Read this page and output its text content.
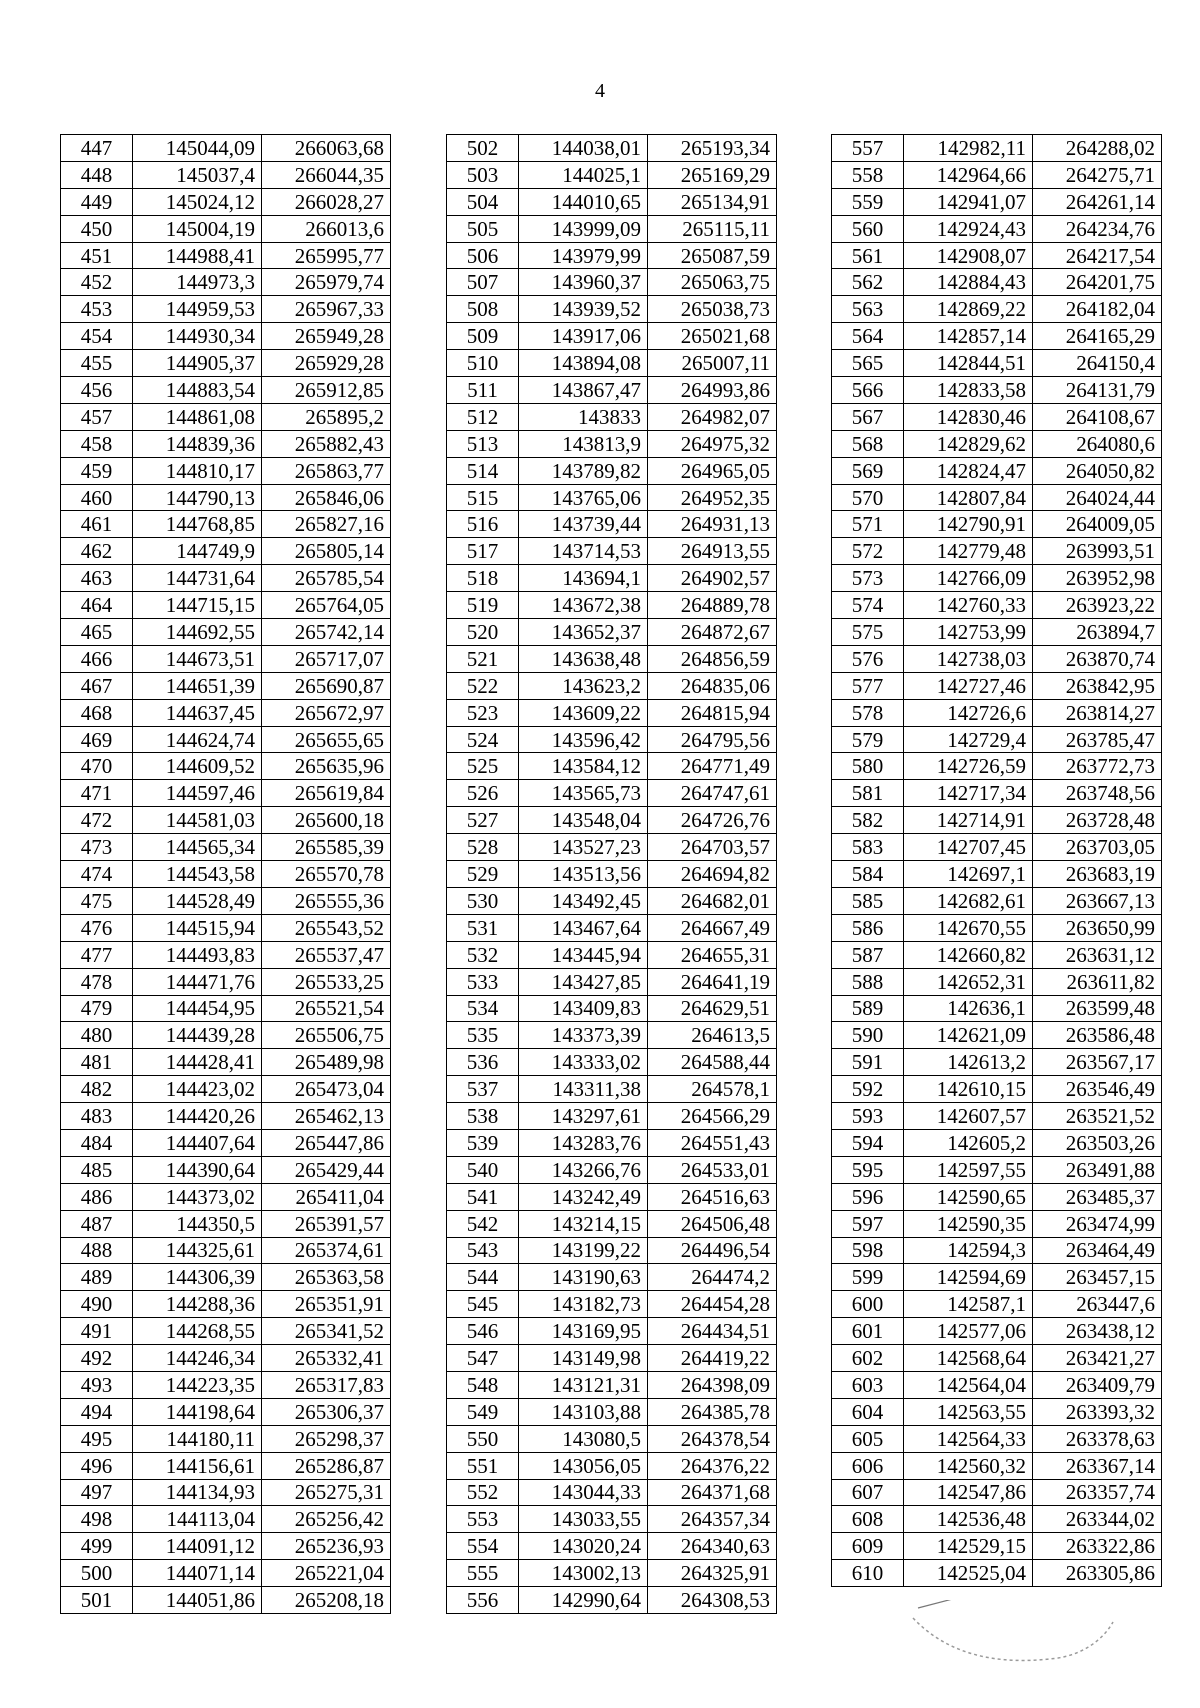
4
447	145044,09	266063,68
448	145037,4	266044,35
449	145024,12	266028,27
450	145004,19	266013,6
451	144988,41	265995,77
452	144973,3	265979,74
453	144959,53	265967,33
454	144930,34	265949,28
455	144905,37	265929,28
456	144883,54	265912,85
457	144861,08	265895,2
458	144839,36	265882,43
459	144810,17	265863,77
460	144790,13	265846,06
461	144768,85	265827,16
462	144749,9	265805,14
463	144731,64	265785,54
464	144715,15	265764,05
465	144692,55	265742,14
466	144673,51	265717,07
467	144651,39	265690,87
468	144637,45	265672,97
469	144624,74	265655,65
470	144609,52	265635,96
471	144597,46	265619,84
472	144581,03	265600,18
473	144565,34	265585,39
474	144543,58	265570,78
475	144528,49	265555,36
476	144515,94	265543,52
477	144493,83	265537,47
478	144471,76	265533,25
479	144454,95	265521,54
480	144439,28	265506,75
481	144428,41	265489,98
482	144423,02	265473,04
483	144420,26	265462,13
484	144407,64	265447,86
485	144390,64	265429,44
486	144373,02	265411,04
487	144350,5	265391,57
488	144325,61	265374,61
489	144306,39	265363,58
490	144288,36	265351,91
491	144268,55	265341,52
492	144246,34	265332,41
493	144223,35	265317,83
494	144198,64	265306,37
495	144180,11	265298,37
496	144156,61	265286,87
497	144134,93	265275,31
498	144113,04	265256,42
499	144091,12	265236,93
500	144071,14	265221,04
501	144051,86	265208,18
502	144038,01	265193,34
503	144025,1	265169,29
504	144010,65	265134,91
505	143999,09	265115,11
506	143979,99	265087,59
507	143960,37	265063,75
508	143939,52	265038,73
509	143917,06	265021,68
510	143894,08	265007,11
511	143867,47	264993,86
512	143833	264982,07
513	143813,9	264975,32
514	143789,82	264965,05
515	143765,06	264952,35
516	143739,44	264931,13
517	143714,53	264913,55
518	143694,1	264902,57
519	143672,38	264889,78
520	143652,37	264872,67
521	143638,48	264856,59
522	143623,2	264835,06
523	143609,22	264815,94
524	143596,42	264795,56
525	143584,12	264771,49
526	143565,73	264747,61
527	143548,04	264726,76
528	143527,23	264703,57
529	143513,56	264694,82
530	143492,45	264682,01
531	143467,64	264667,49
532	143445,94	264655,31
533	143427,85	264641,19
534	143409,83	264629,51
535	143373,39	264613,5
536	143333,02	264588,44
537	143311,38	264578,1
538	143297,61	264566,29
539	143283,76	264551,43
540	143266,76	264533,01
541	143242,49	264516,63
542	143214,15	264506,48
543	143199,22	264496,54
544	143190,63	264474,2
545	143182,73	264454,28
546	143169,95	264434,51
547	143149,98	264419,22
548	143121,31	264398,09
549	143103,88	264385,78
550	143080,5	264378,54
551	143056,05	264376,22
552	143044,33	264371,68
553	143033,55	264357,34
554	143020,24	264340,63
555	143002,13	264325,91
556	142990,64	264308,53
557	142982,11	264288,02
558	142964,66	264275,71
559	142941,07	264261,14
560	142924,43	264234,76
561	142908,07	264217,54
562	142884,43	264201,75
563	142869,22	264182,04
564	142857,14	264165,29
565	142844,51	264150,4
566	142833,58	264131,79
567	142830,46	264108,67
568	142829,62	264080,6
569	142824,47	264050,82
570	142807,84	264024,44
571	142790,91	264009,05
572	142779,48	263993,51
573	142766,09	263952,98
574	142760,33	263923,22
575	142753,99	263894,7
576	142738,03	263870,74
577	142727,46	263842,95
578	142726,6	263814,27
579	142729,4	263785,47
580	142726,59	263772,73
581	142717,34	263748,56
582	142714,91	263728,48
583	142707,45	263703,05
584	142697,1	263683,19
585	142682,61	263667,13
586	142670,55	263650,99
587	142660,82	263631,12
588	142652,31	263611,82
589	142636,1	263599,48
590	142621,09	263586,48
591	142613,2	263567,17
592	142610,15	263546,49
593	142607,57	263521,52
594	142605,2	263503,26
595	142597,55	263491,88
596	142590,65	263485,37
597	142590,35	263474,99
598	142594,3	263464,49
599	142594,69	263457,15
600	142587,1	263447,6
601	142577,06	263438,12
602	142568,64	263421,27
603	142564,04	263409,79
604	142563,55	263393,32
605	142564,33	263378,63
606	142560,32	263367,14
607	142547,86	263357,74
608	142536,48	263344,02
609	142529,15	263322,86
610	142525,04	263305,86
